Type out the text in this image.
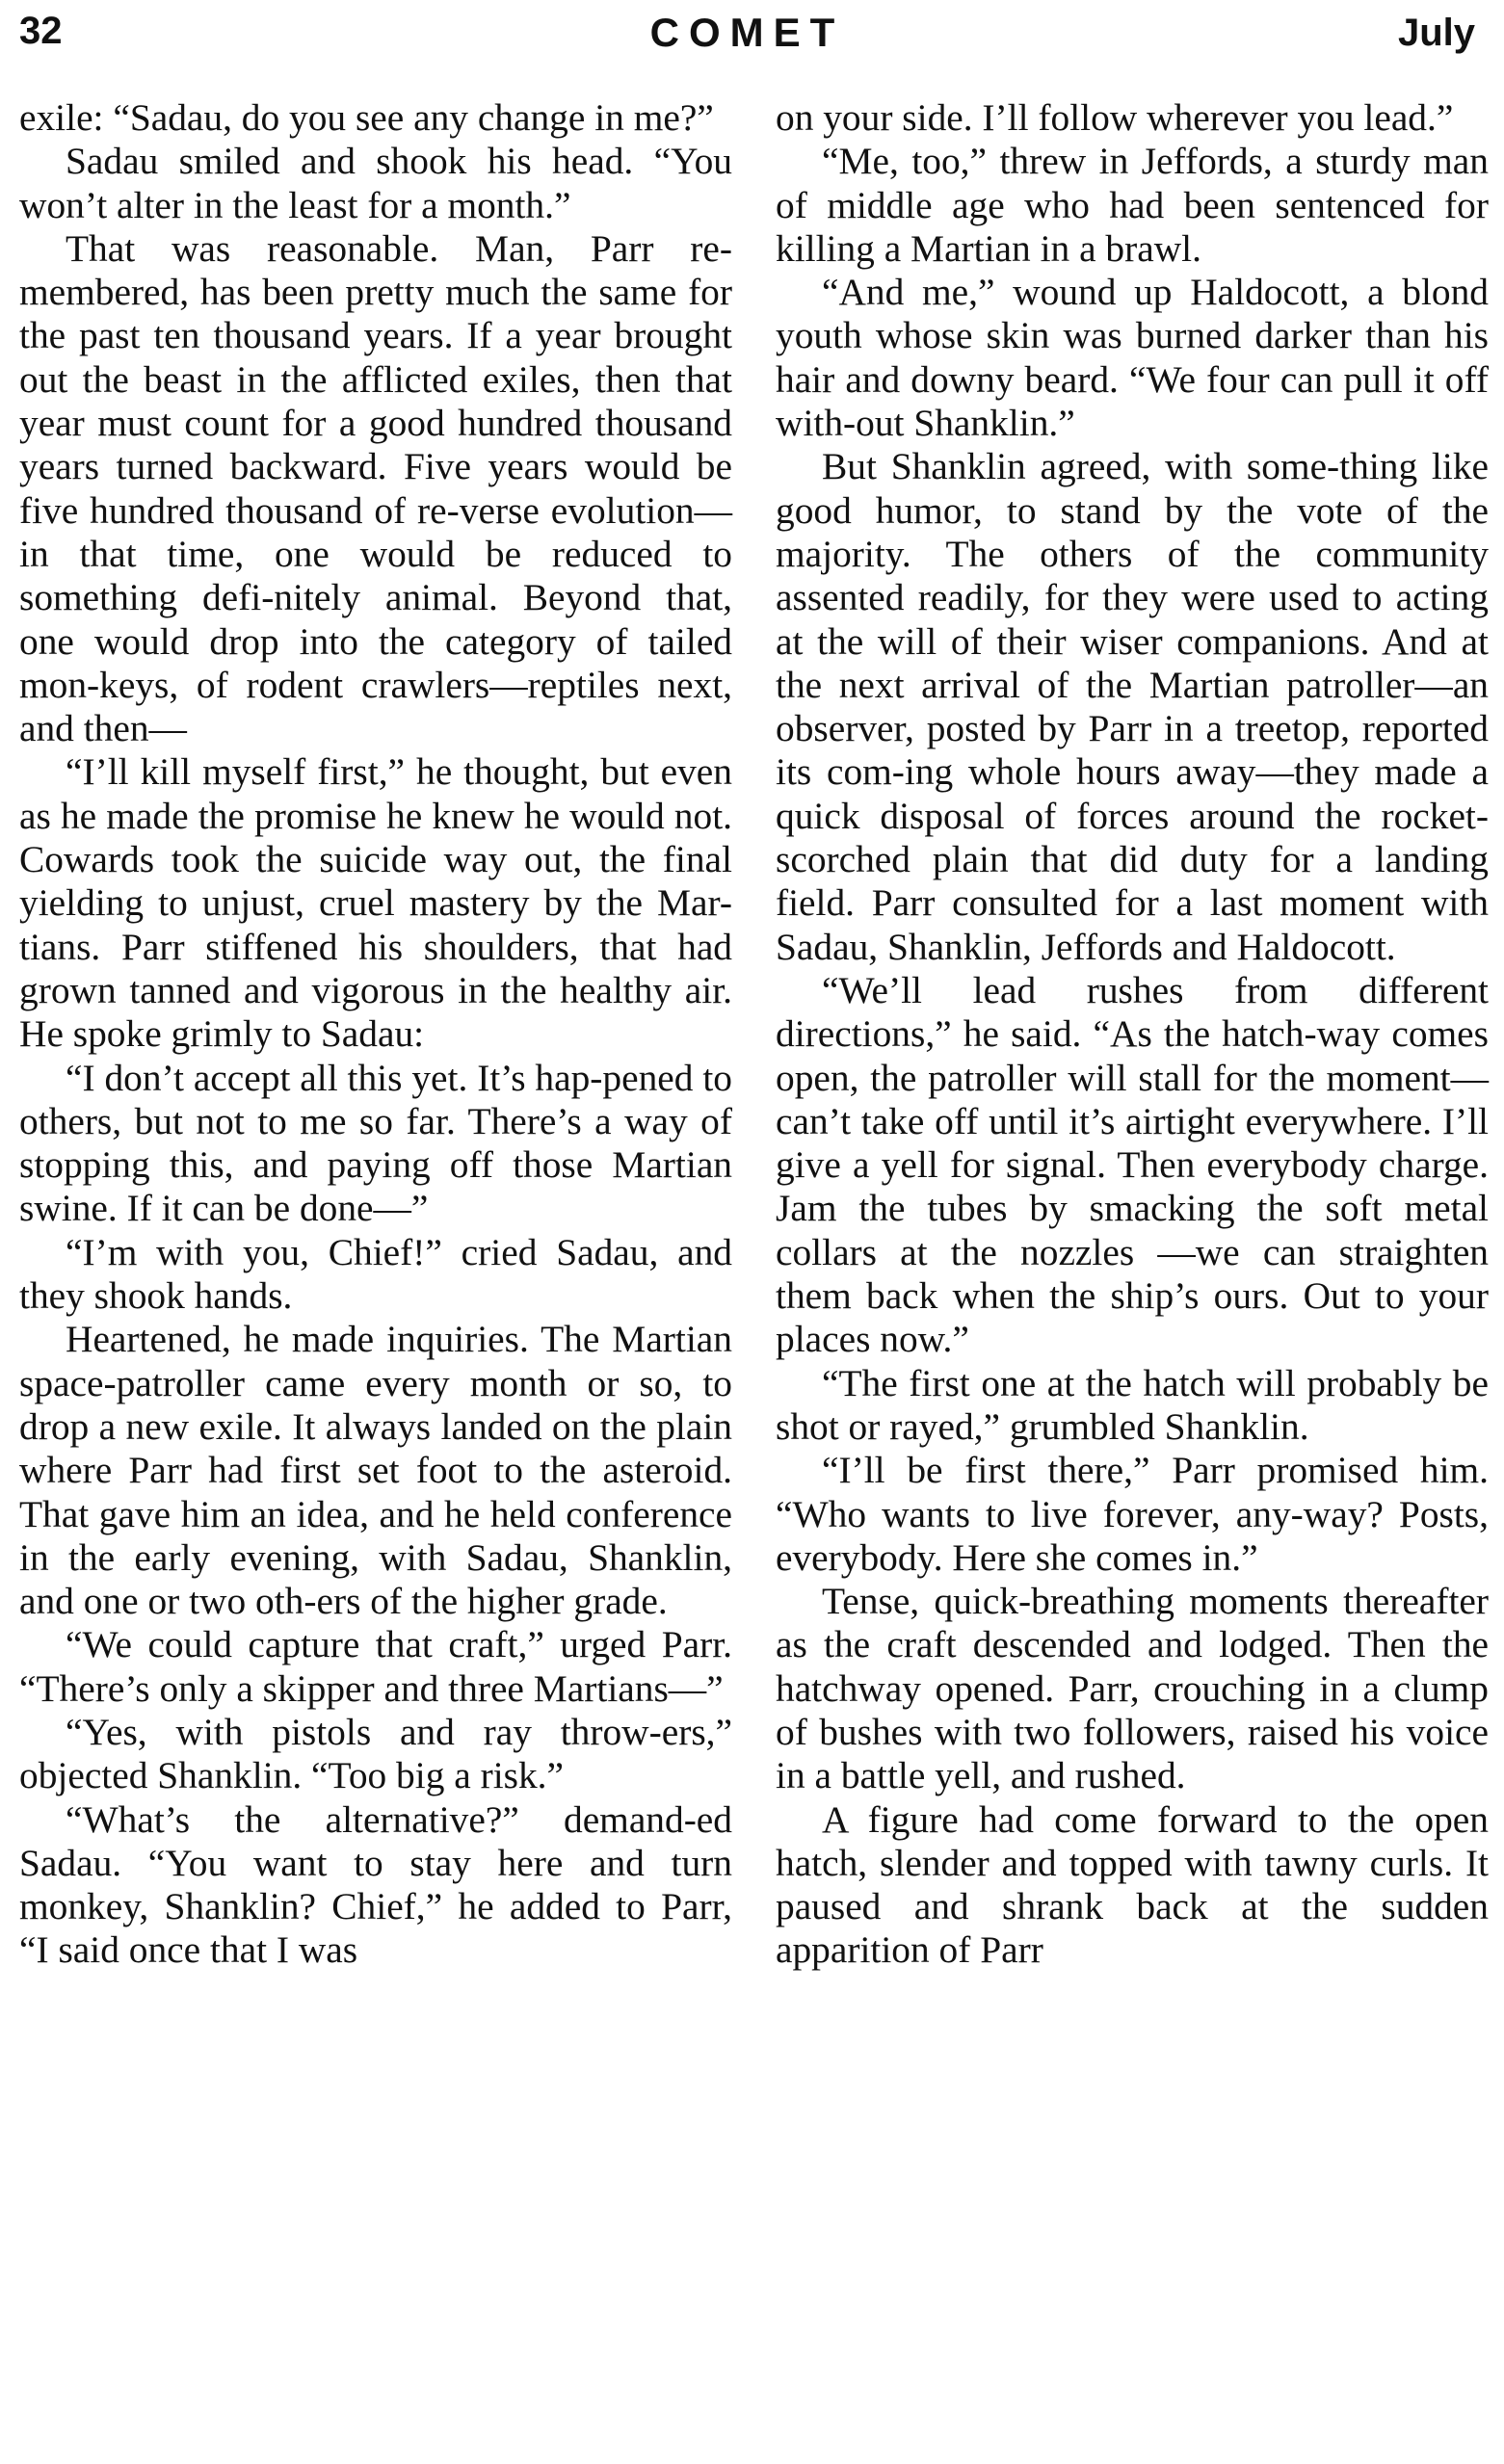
32	COMET	July

exile: “Sadau, do you see any change in me?”

Sadau smiled and shook his head. “You won’t alter in the least for a month.”

That was reasonable. Man, Parr re-membered, has been pretty much the same for the past ten thousand years. If a year brought out the beast in the afflicted exiles, then that year must count for a good hundred thousand years turned backward. Five years would be five hundred thousand of re-verse evolution—in that time, one would be reduced to something defi-nitely animal. Beyond that, one would drop into the category of tailed mon-keys, of rodent crawlers—reptiles next, and then—

“I’ll kill myself first,” he thought, but even as he made the promise he knew he would not. Cowards took the suicide way out, the final yielding to unjust, cruel mastery by the Mar-tians. Parr stiffened his shoulders, that had grown tanned and vigorous in the healthy air. He spoke grimly to Sadau:

“I don’t accept all this yet. It’s hap-pened to others, but not to me so far. There’s a way of stopping this, and paying off those Martian swine. If it can be done—”

“I’m with you, Chief!” cried Sadau, and they shook hands.

Heartened, he made inquiries. The Martian space-patroller came every month or so, to drop a new exile. It always landed on the plain where Parr had first set foot to the asteroid. That gave him an idea, and he held conference in the early evening, with Sadau, Shanklin, and one or two oth-ers of the higher grade.

“We could capture that craft,” urged Parr. “There’s only a skipper and three Martians—”

“Yes, with pistols and ray throw-ers,” objected Shanklin. “Too big a risk.”

“What’s the alternative?” demand-ed Sadau. “You want to stay here and turn monkey, Shanklin? Chief,” he added to Parr, “I said once that I was

on your side. I’ll follow wherever you lead.”

“Me, too,” threw in Jeffords, a sturdy man of middle age who had been sentenced for killing a Martian in a brawl.

“And me,” wound up Haldocott, a blond youth whose skin was burned darker than his hair and downy beard. “We four can pull it off with-out Shanklin.”

But Shanklin agreed, with some-thing like good humor, to stand by the vote of the majority. The others of the community assented readily, for they were used to acting at the will of their wiser companions. And at the next arrival of the Martian patroller—an observer, posted by Parr in a treetop, reported its com-ing whole hours away—they made a quick disposal of forces around the rocket-scorched plain that did duty for a landing field. Parr consulted for a last moment with Sadau, Shanklin, Jeffords and Haldocott.

“We’ll lead rushes from different directions,” he said. “As the hatch-way comes open, the patroller will stall for the moment—can’t take off until it’s airtight everywhere. I’ll give a yell for signal. Then everybody charge. Jam the tubes by smacking the soft metal collars at the nozzles —we can straighten them back when the ship’s ours. Out to your places now.”

“The first one at the hatch will probably be shot or rayed,” grumbled Shanklin.

“I’ll be first there,” Parr promised him. “Who wants to live forever, any-way? Posts, everybody. Here she comes in.”

Tense, quick-breathing moments thereafter as the craft descended and lodged. Then the hatchway opened. Parr, crouching in a clump of bushes with two followers, raised his voice in a battle yell, and rushed.

A figure had come forward to the open hatch, slender and topped with tawny curls. It paused and shrank back at the sudden apparition of Parr
